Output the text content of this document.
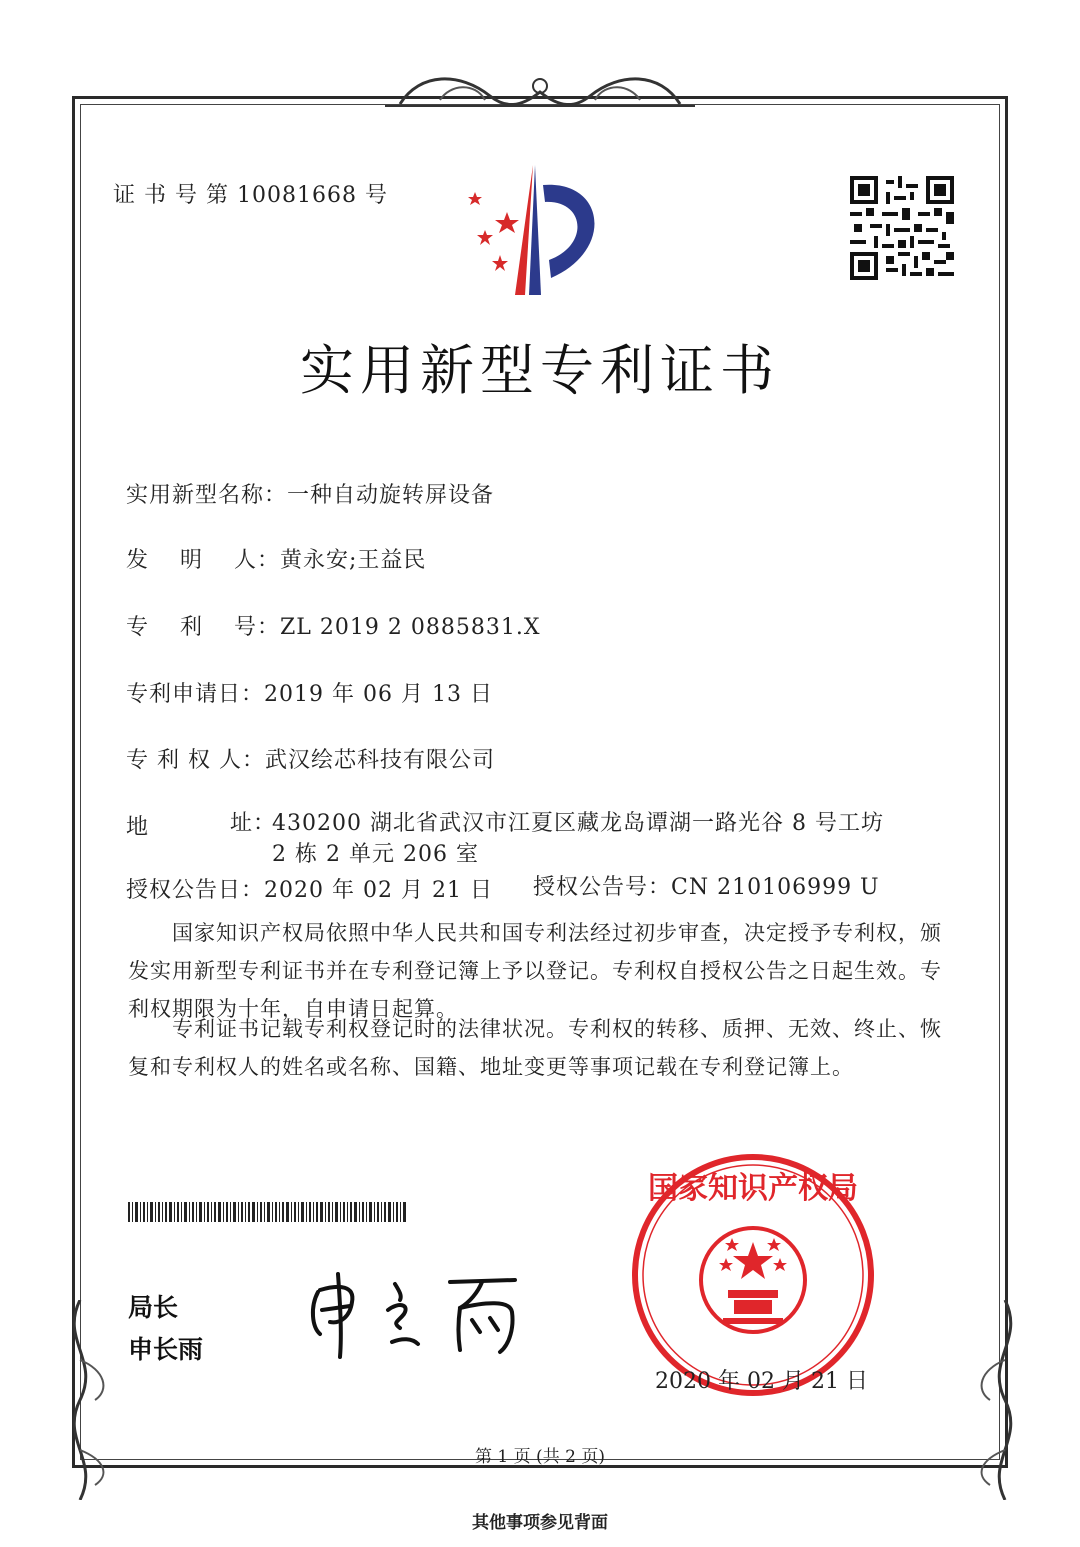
证 书 号 第 10081668 号
实用新型专利证书
实用新型名称：一种自动旋转屏设备
发　 明　 人：黄永安;王益民
专　 利　 号：ZL 2019 2 0885831.X
专利申请日：2019 年 06 月 13 日
专 利 权 人：武汉绘芯科技有限公司
地	址：
430200 湖北省武汉市江夏区藏龙岛谭湖一路光谷 8 号工坊
2 栋 2 单元 206 室
授权公告日：2020 年 02 月 21 日 授权公告号：CN 210106999 U
　　国家知识产权局依照中华人民共和国专利法经过初步审查，决定授予专利权，颁发实用新型专利证书并在专利登记簿上予以登记。专利权自授权公告之日起生效。专利权期限为十年，自申请日起算。
　　专利证书记载专利权登记时的法律状况。专利权的转移、质押、无效、终止、恢复和专利权人的姓名或名称、国籍、地址变更等事项记载在专利登记簿上。
局长
申长雨
国家知识产权局
2020 年 02 月 21 日
第 1 页 (共 2 页)
其他事项参见背面
